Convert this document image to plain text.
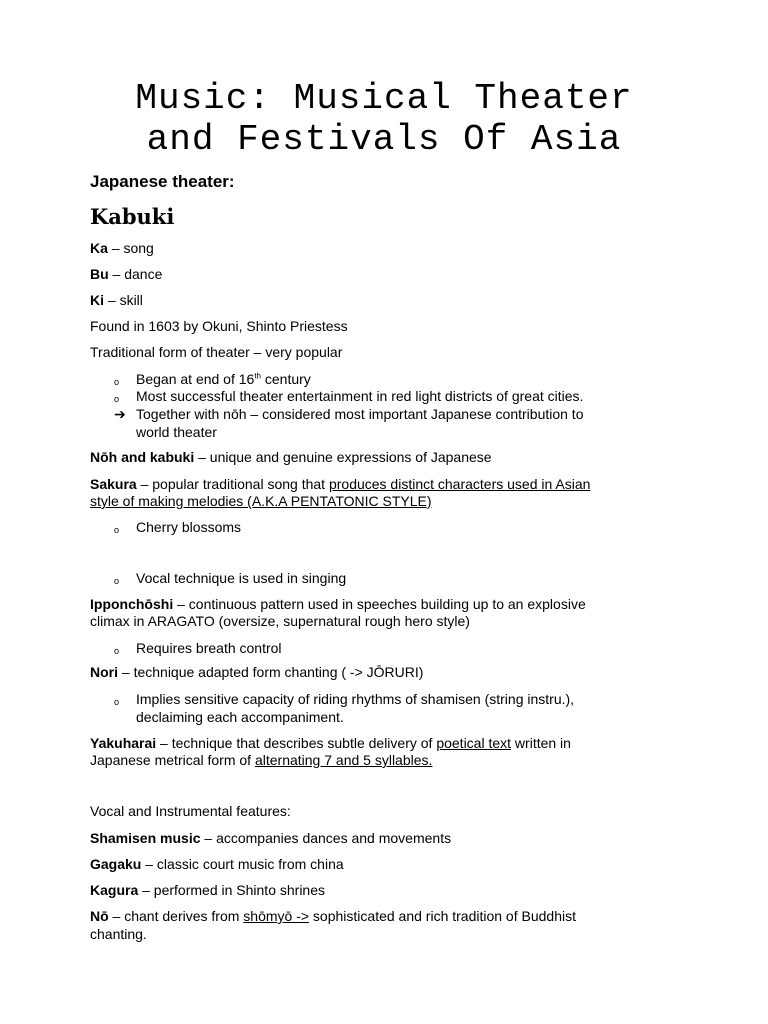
Music: Musical Theater
and Festivals Of Asia
Japanese theater:
Kabuki
Ka – song
Bu – dance
Ki – skill
Found in 1603 by Okuni, Shinto Priestess
Traditional form of theater – very popular
o	Began at end of 16th century
o	Most successful theater entertainment in red light districts of great cities.
➔ Together with nōh – considered most important Japanese contribution to
world theater
Nōh and kabuki – unique and genuine expressions of Japanese
Sakura – popular traditional song that produces distinct characters used in Asian
style of making melodies (A.K.A PENTATONIC STYLE)
o	Cherry blossoms
o	Vocal technique is used in singing
Ipponchōshi – continuous pattern used in speeches building up to an explosive
climax in ARAGATO (oversize, supernatural rough hero style)
o	Requires breath control
Nori – technique adapted form chanting ( -> JŌRURI)
o	Implies sensitive capacity of riding rhythms of shamisen (string instru.),
declaiming each accompaniment.
Yakuharai – technique that describes subtle delivery of poetical text written in
Japanese metrical form of alternating 7 and 5 syllables.
Vocal and Instrumental features:
Shamisen music – accompanies dances and movements
Gagaku – classic court music from china
Kagura – performed in Shinto shrines
Nō – chant derives from shōmyō -> sophisticated and rich tradition of Buddhist
chanting.
